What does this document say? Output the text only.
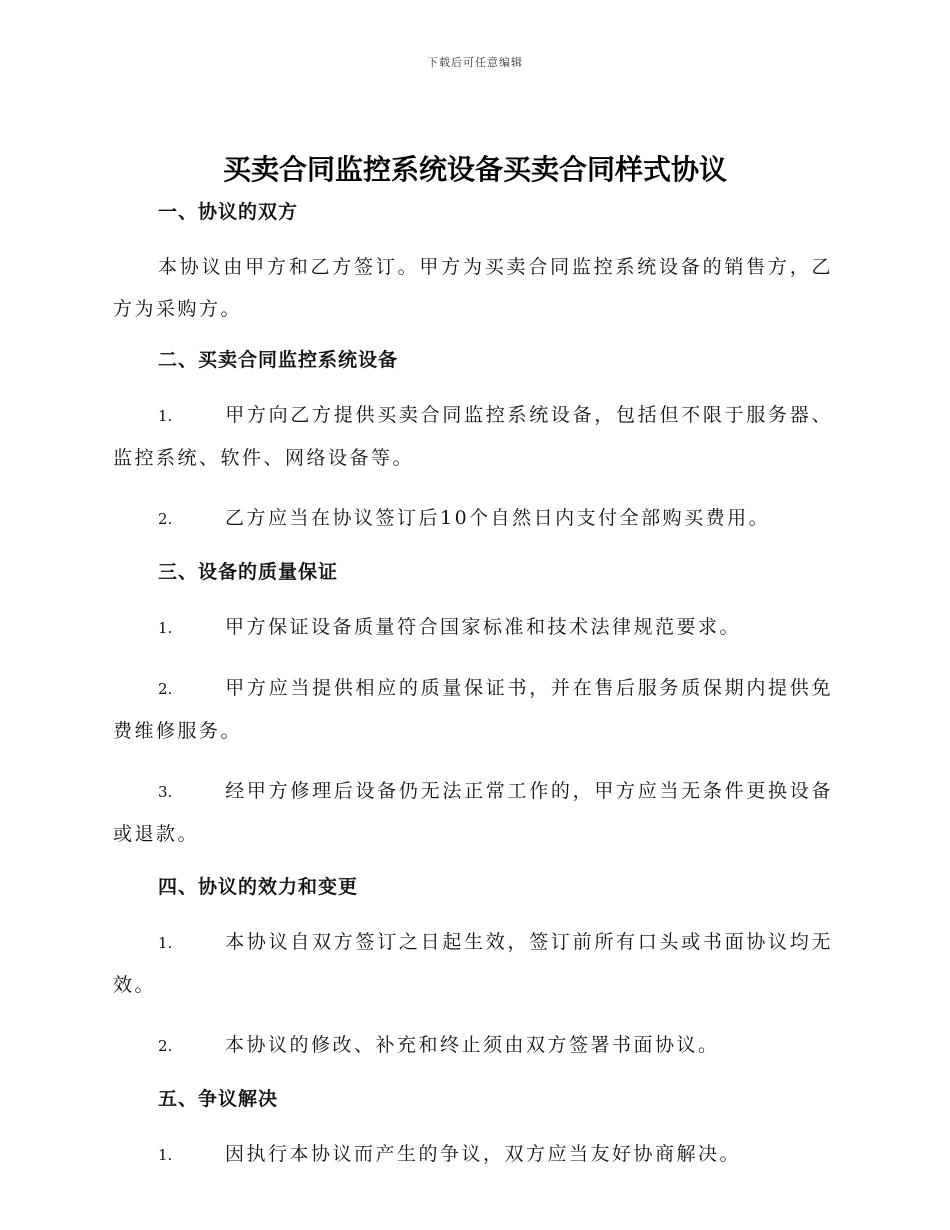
下载后可任意编辑
买卖合同监控系统设备买卖合同样式协议
一、协议的双方
本协议由甲方和乙方签订。甲方为买卖合同监控系统设备的销售方，乙方为采购方。
二、买卖合同监控系统设备
1.	甲方向乙方提供买卖合同监控系统设备，包括但不限于服务器、监控系统、软件、网络设备等。
2.	乙方应当在协议签订后10个自然日内支付全部购买费用。
三、设备的质量保证
1.	甲方保证设备质量符合国家标准和技术法律规范要求。
2.	甲方应当提供相应的质量保证书，并在售后服务质保期内提供免费维修服务。
3.	经甲方修理后设备仍无法正常工作的，甲方应当无条件更换设备或退款。
四、协议的效力和变更
1.	本协议自双方签订之日起生效，签订前所有口头或书面协议均无效。
2.	本协议的修改、补充和终止须由双方签署书面协议。
五、争议解决
1.	因执行本协议而产生的争议，双方应当友好协商解决。
